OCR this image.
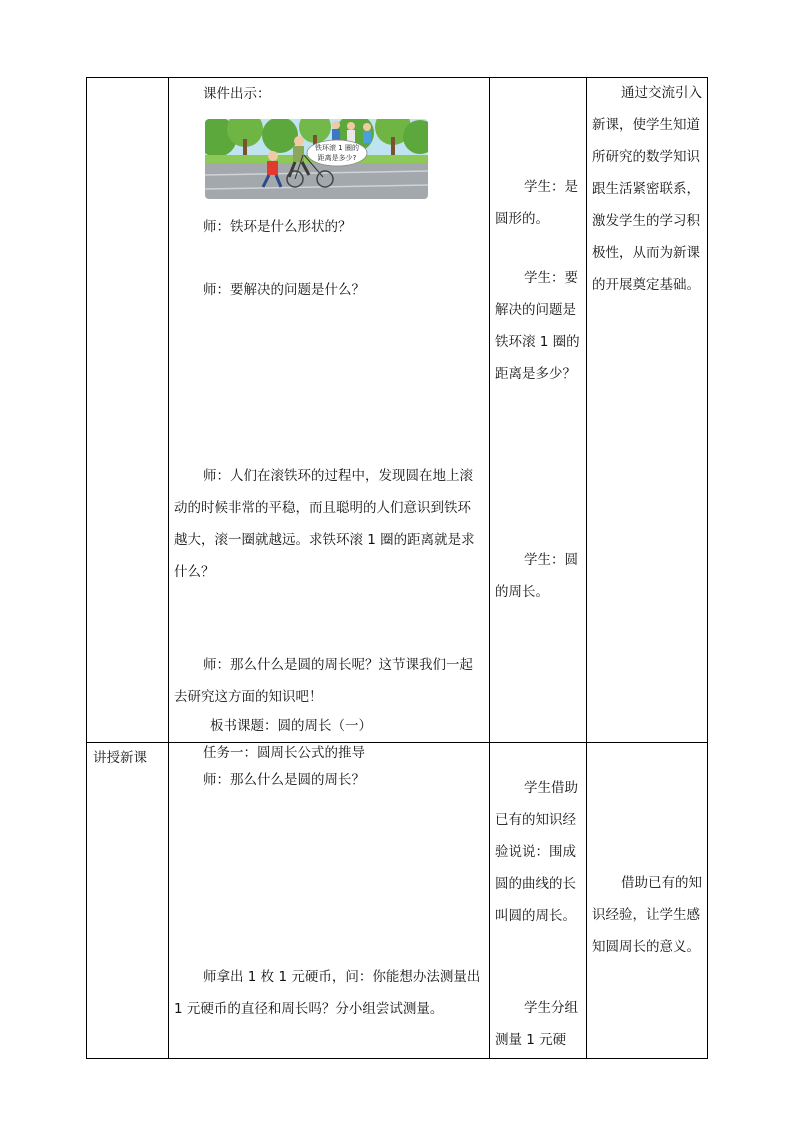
课件出示：
铁环滚 1 圈的
距离是多少?
师：铁环是什么形状的？
师：要解决的问题是什么？
师：人们在滚铁环的过程中，发现圆在地上滚动的时候非常的平稳，而且聪明的人们意识到铁环越大，滚一圈就越远。求铁环滚 1 圈的距离就是求什么？
师：那么什么是圆的周长呢？这节课我们一起去研究这方面的知识吧！
板书课题：圆的周长（一）
学生：是圆形的。
学生：要解决的问题是铁环滚 1 圈的距离是多少？
学生：圆的周长。
通过交流引入新课，使学生知道所研究的数学知识跟生活紧密联系，激发学生的学习积极性，从而为新课的开展奠定基础。
讲授新课	任务一：圆周长公式的推导
师：那么什么是圆的周长？
师拿出 1 枚 1 元硬币，问：你能想办法测量出 1 元硬币的直径和周长吗？分小组尝试测量。
学生借助已有的知识经验说说：围成圆的曲线的长叫圆的周长。
学生分组测量 1 元硬
借助已有的知识经验，让学生感知圆周长的意义。
